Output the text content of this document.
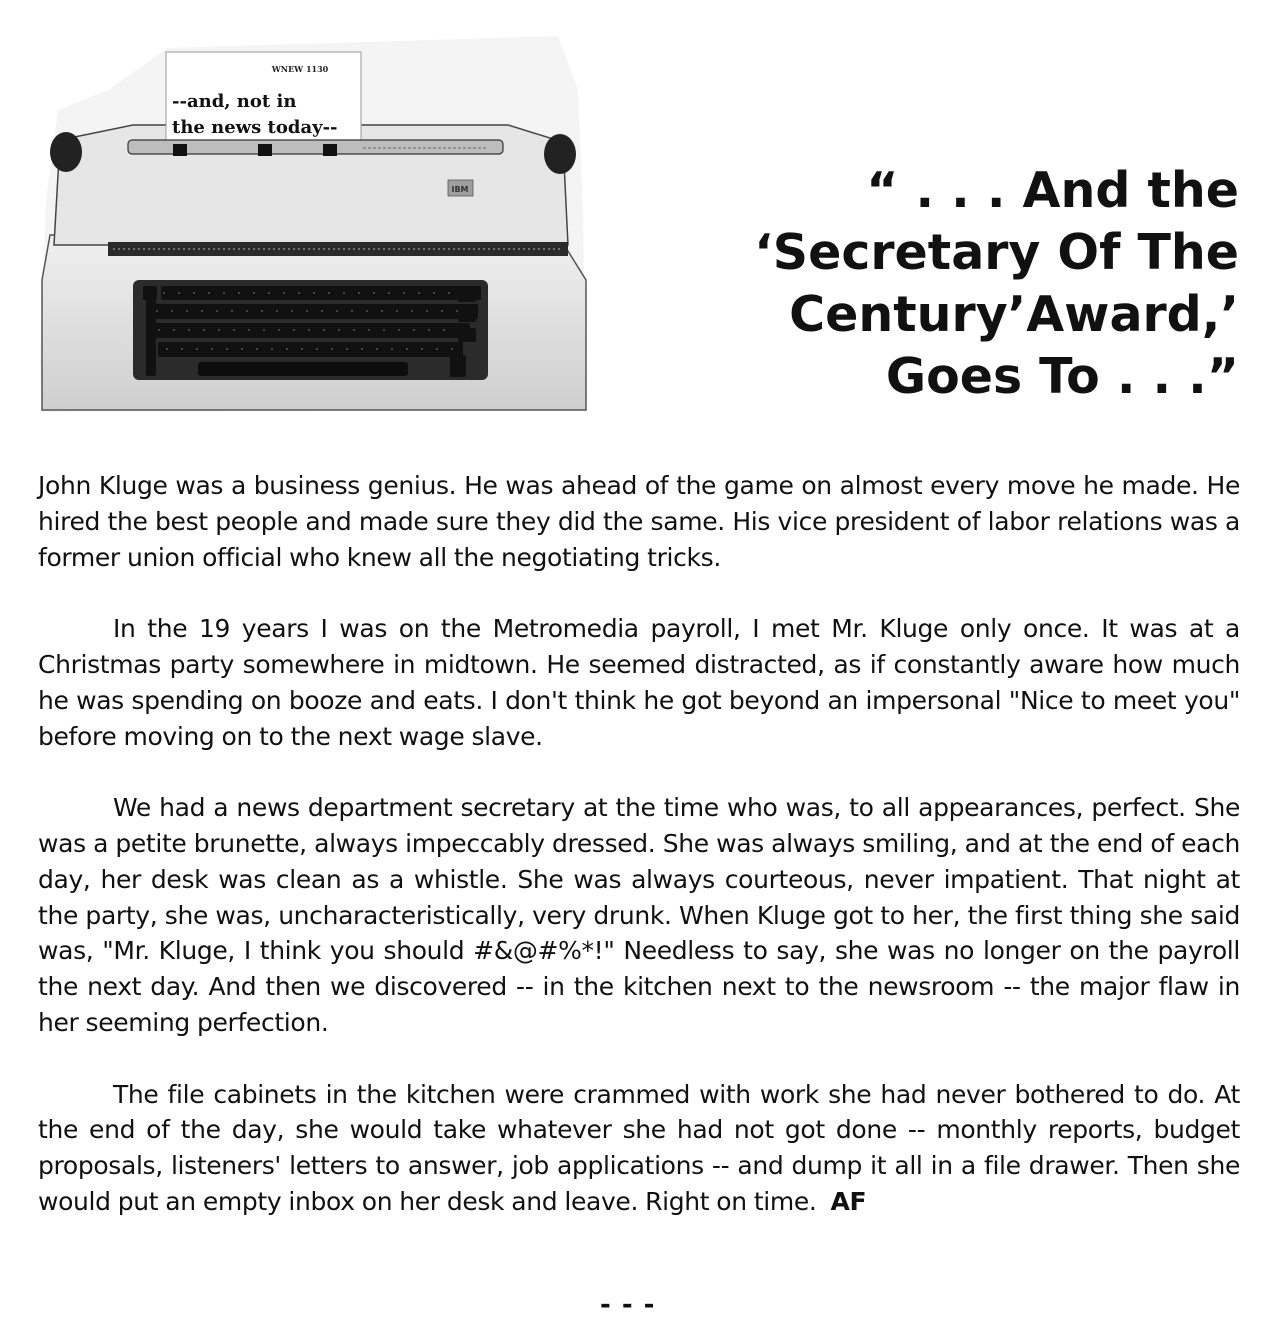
WNEW 1130
--and, not in
the news today--
IBM	“ . . . And the
‘Secretary Of The
Century’Award,’
Goes To . . .”

John Kluge was a business genius. He was ahead of the game on almost every move he made. He hired the best people and made sure they did the same. His vice president of labor relations was a former union official who knew all the negotiating tricks.

In the 19 years I was on the Metromedia payroll, I met Mr. Kluge only once. It was at a Christmas party somewhere in midtown. He seemed distracted, as if constantly aware how much he was spending on booze and eats. I don't think he got beyond an impersonal "Nice to meet you" before moving on to the next wage slave.

We had a news department secretary at the time who was, to all appearances, perfect. She was a petite brunette, always impeccably dressed. She was always smiling, and at the end of each day, her desk was clean as a whistle. She was always courteous, never impatient. That night at the party, she was, uncharacteristically, very drunk. When Kluge got to her, the first thing she said was, "Mr. Kluge, I think you should #&@#%*!" Needless to say, she was no longer on the payroll the next day. And then we discovered -- in the kitchen next to the newsroom -- the major flaw in her seeming perfection.

The file cabinets in the kitchen were crammed with work she had never bothered to do. At the end of the day, she would take whatever she had not got done -- monthly reports, budget proposals, listeners' letters to answer, job applications -- and dump it all in a file drawer. Then she would put an empty inbox on her desk and leave. Right on time. AF

- - -
